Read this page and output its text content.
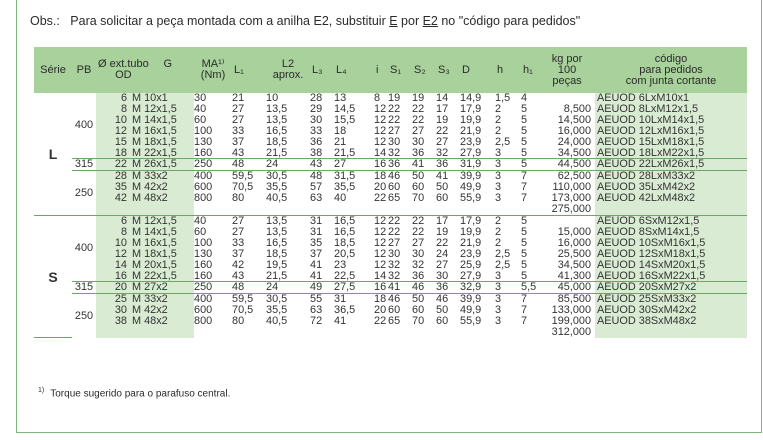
Obs.: Para solicitar a peça montada com a anilha E2, substituir E por E2 no "código para pedidos"
Série	PB	Ø ext.tubo
OD
G		MA¹⁾
(Nm)	L₁	L2
aprox.	L₃	L₄	i	S₁	S₂	S₃	D	h	h₁	kg por
100
peças	código
para pedidos
com junta cortante
L	400	6	M 10x1	30	21	10	28	13	8	19	19	14	14,9	1,5	4		AEUOD 6LxM10x1
		8	M 12x1,5	40	27	13,5	29	14,5	12	22	22	17	17,9	2	5	8,500	AEUOD 8LxM12x1,5
		10	M 14x1,5	60	27	13,5	30	15,5	12	22	22	19	19,9	2	5	14,500	AEUOD 10LxM14x1,5
		12	M 16x1,5	100	33	16,5	33	18	12	27	27	22	21,9	2	5	16,000	AEUOD 12LxM16x1,5
		15	M 18x1,5	130	37	18,5	36	21	12	30	30	27	23,9	2,5	5	24,000	AEUOD 15LxM18x1,5
		18	M 22x1,5	160	43	21,5	38	21,5	14	32	36	32	27,9	3	5	34,500	AEUOD 18LxM22x1,5
	315	22	M 26x1,5	250	48	24	43	27	16	36	41	36	31,9	3	5	44,500	AEUOD 22LxM26x1,5
	250	28	M 33x2	400	59,5	30,5	48	31,5	18	46	50	41	39,9	3	7	62,500	AEUOD 28LxM33x2
		35	M 42x2	600	70,5	35,5	57	35,5	20	60	60	50	49,9	3	7	110,000	AEUOD 35LxM42x2
		42	M 48x2	800	80	40,5	63	40	22	65	70	60	55,9	3	7	173,000	AEUOD 42LxM48x2
																275,000	
S	400	6	M 12x1,5	40	27	13,5	31	16,5	12	22	22	17	17,9	2	5		AEUOD 6SxM12x1,5
		8	M 14x1,5	60	27	13,5	31	16,5	12	22	22	19	19,9	2	5	15,000	AEUOD 8SxM14x1,5
		10	M 16x1,5	100	33	16,5	35	18,5	12	27	27	22	21,9	2	5	16,000	AEUOD 10SxM16x1,5
		12	M 18x1,5	130	37	18,5	37	20,5	12	30	30	24	23,9	2,5	5	25,500	AEUOD 12SxM18x1,5
		14	M 20x1,5	160	42	19,5	41	23	12	32	32	27	25,9	2,5	5	34,500	AEUOD 14SxM20x1,5
		16	M 22x1,5	160	43	21,5	41	22,5	14	32	36	30	27,9	3	5	41,300	AEUOD 16SxM22x1,5
	315	20	M 27x2	250	48	24	49	27,5	16	41	46	36	32,9	3	5,5	45,000	AEUOD 20SxM27x2
	250	25	M 33x2	400	59,5	30,5	55	31	18	46	50	46	39,9	3	7	85,500	AEUOD 25SxM33x2
		30	M 42x2	600	70,5	35,5	63	36,5	20	60	60	50	49,9	3	7	133,000	AEUOD 30SxM42x2
		38	M 48x2	800	80	40,5	72	41	22	65	70	60	55,9	3	7	199,000	AEUOD 38SxM48x2
																312,000	
$^{1)}$ Torque sugerido para o parafuso central.
